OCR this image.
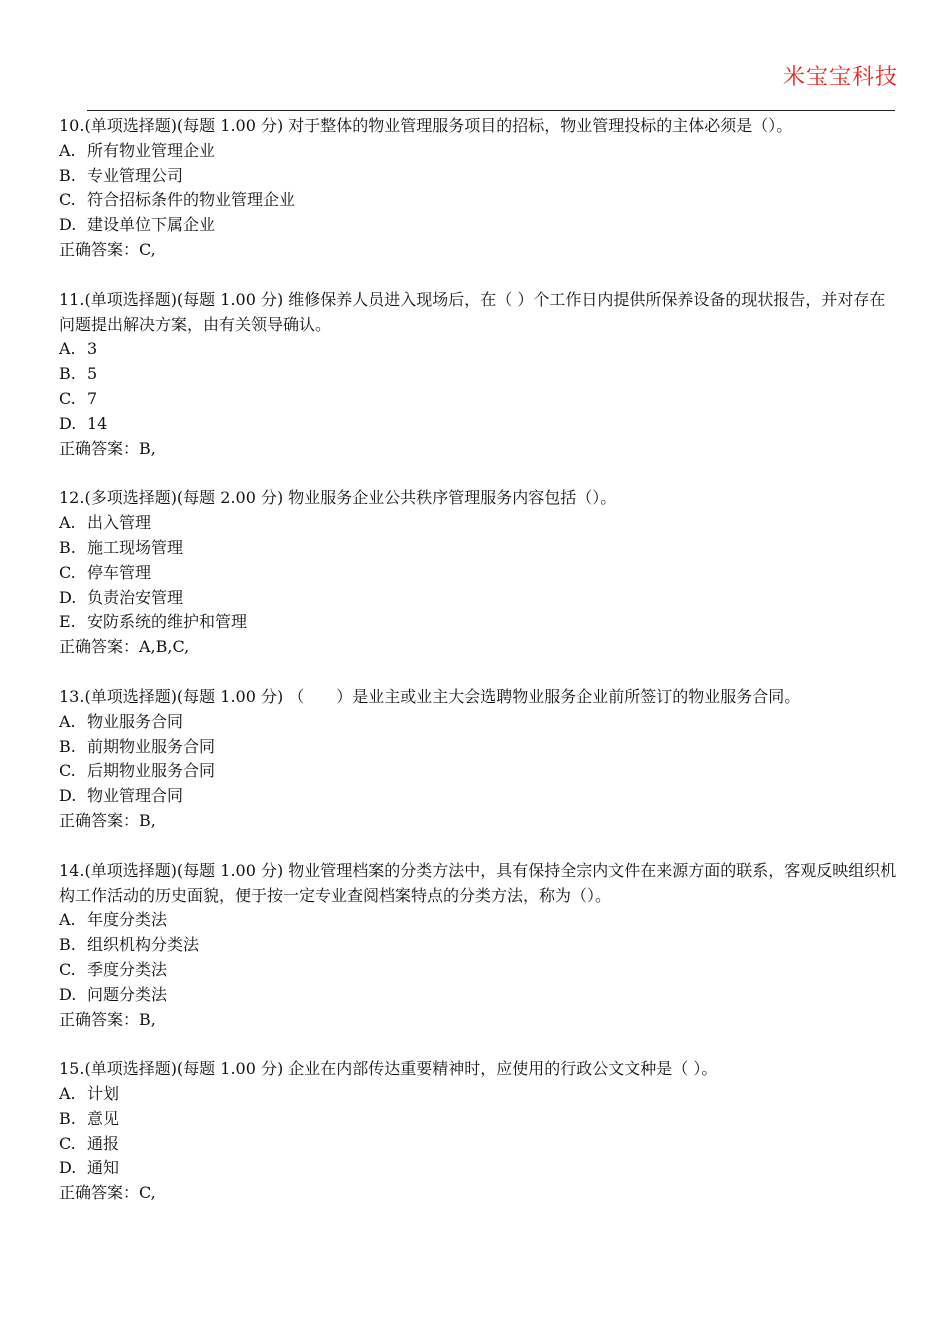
米宝宝科技

10.(单项选择题)(每题 1.00 分) 对于整体的物业管理服务项目的招标，物业管理投标的主体必须是（）。

A. 所有物业管理企业

B. 专业管理公司

C. 符合招标条件的物业管理企业

D. 建设单位下属企业

正确答案：C,

11.(单项选择题)(每题 1.00 分) 维修保养人员进入现场后，在（ ）个工作日内提供所保养设备的现状报告，并对存在问题提出解决方案，由有关领导确认。

A. 3

B. 5

C. 7

D. 14

正确答案：B,

12.(多项选择题)(每题 2.00 分) 物业服务企业公共秩序管理服务内容包括（）。

A. 出入管理

B. 施工现场管理

C. 停车管理

D. 负责治安管理

E. 安防系统的维护和管理

正确答案：A,B,C,

13.(单项选择题)(每题 1.00 分) （　　）是业主或业主大会选聘物业服务企业前所签订的物业服务合同。

A. 物业服务合同

B. 前期物业服务合同

C. 后期物业服务合同

D. 物业管理合同

正确答案：B,

14.(单项选择题)(每题 1.00 分) 物业管理档案的分类方法中，具有保持全宗内文件在来源方面的联系，客观反映组织机构工作活动的历史面貌，便于按一定专业查阅档案特点的分类方法，称为（）。

A. 年度分类法

B. 组织机构分类法

C. 季度分类法

D. 问题分类法

正确答案：B,

15.(单项选择题)(每题 1.00 分) 企业在内部传达重要精神时，应使用的行政公文文种是（ ）。

A. 计划

B. 意见

C. 通报

D. 通知

正确答案：C,
